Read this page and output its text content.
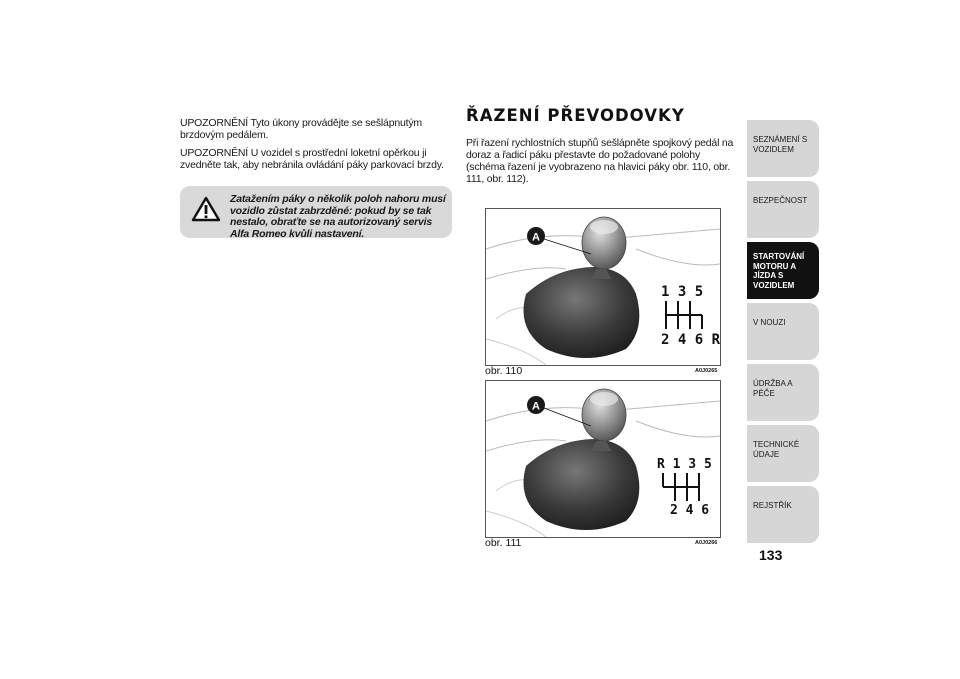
UPOZORNĚNÍ Tyto úkony provádějte se sešlápnutým brzdovým pedálem.
UPOZORNĚNÍ U vozidel s prostřední loketní opěrkou ji zvedněte tak, aby nebránila ovládání páky parkovací brzdy.
Zatažením páky o několik poloh nahoru musí vozidlo zůstat zabrzděné: pokud by se tak nestalo, obraťte se na autorizovaný servis Alfa Romeo kvůli nastavení.
ŘAZENÍ PŘEVODOVKY
Při řazení rychlostních stupňů sešlápněte spojkový pedál na doraz a řadicí páku přestavte do požadované polohy (schéma řazení je vyobrazeno na hlavici páky obr. 110, obr. 111, obr. 112).
A
1 3 5
2 4 6 R
obr. 110	A0J0265
A
R 1 3 5
2 4 6
obr. 111	A0J0266
SEZNÁMENÍ S VOZIDLEM
BEZPEČNOST
STARTOVÁNÍ MOTORU A JÍZDA S VOZIDLEM
V NOUZI
ÚDRŽBA A PÉČE
TECHNICKÉ ÚDAJE
REJSTŘÍK
133
